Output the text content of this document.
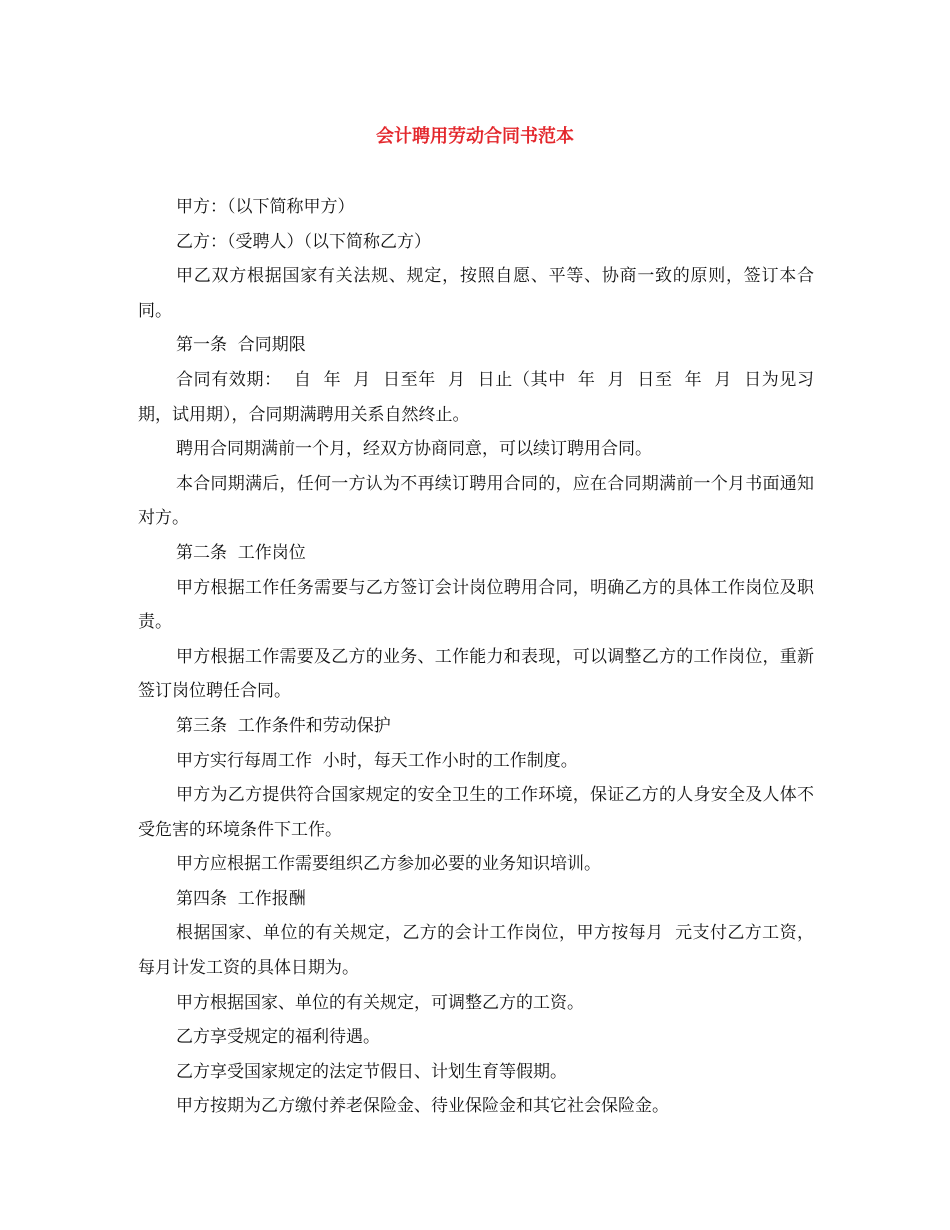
会计聘用劳动合同书范本

甲方：（以下简称甲方）

乙方：（受聘人）（以下简称乙方）

甲乙双方根据国家有关法规、规定，按照自愿、平等、协商一致的原则，签订本合同。

第一条  合同期限

合同有效期：  自  年  月  日至年  月  日止（其中  年  月  日至  年  月  日为见习期，试用期），合同期满聘用关系自然终止。

聘用合同期满前一个月，经双方协商同意，可以续订聘用合同。

本合同期满后，任何一方认为不再续订聘用合同的，应在合同期满前一个月书面通知对方。

第二条  工作岗位

甲方根据工作任务需要与乙方签订会计岗位聘用合同，明确乙方的具体工作岗位及职责。

甲方根据工作需要及乙方的业务、工作能力和表现，可以调整乙方的工作岗位，重新签订岗位聘任合同。

第三条  工作条件和劳动保护

甲方实行每周工作  小时，每天工作小时的工作制度。

甲方为乙方提供符合国家规定的安全卫生的工作环境，保证乙方的人身安全及人体不受危害的环境条件下工作。

甲方应根据工作需要组织乙方参加必要的业务知识培训。

第四条  工作报酬

根据国家、单位的有关规定，乙方的会计工作岗位，甲方按每月  元支付乙方工资，每月计发工资的具体日期为。

甲方根据国家、单位的有关规定，可调整乙方的工资。

乙方享受规定的福利待遇。

乙方享受国家规定的法定节假日、计划生育等假期。

甲方按期为乙方缴付养老保险金、待业保险金和其它社会保险金。
